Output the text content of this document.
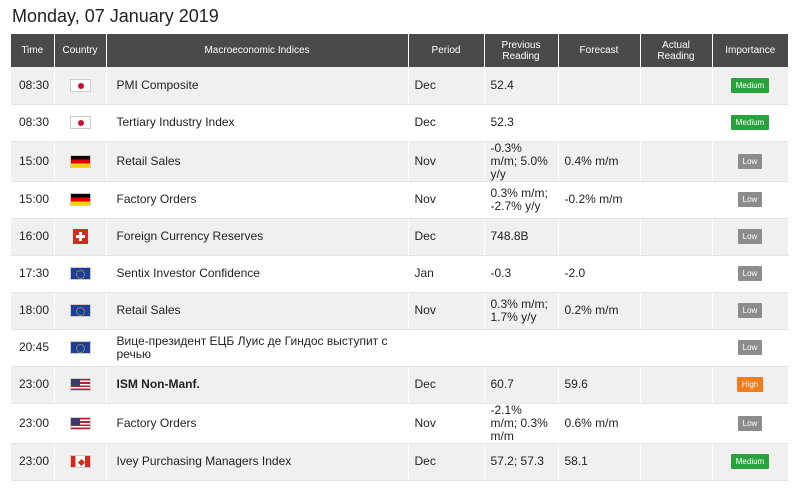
Monday, 07 January 2019
Time	Country	Macroeconomic Indices	Period	Previous Reading	Forecast	Actual Reading	Importance
08:30		PMI Composite	Dec	52.4			Medium
08:30		Tertiary Industry Index	Dec	52.3			Medium
15:00		Retail Sales	Nov	-0.3% m/m; 5.0% y/y	0.4% m/m		Low
15:00		Factory Orders	Nov	0.3% m/m; -2.7% y/y	-0.2% m/m		Low
16:00		Foreign Currency Reserves	Dec	748.8B			Low
17:30		Sentix Investor Confidence	Jan	-0.3	-2.0		Low
18:00		Retail Sales	Nov	0.3% m/m; 1.7% y/y	0.2% m/m		Low
20:45		Вице-президент ЕЦБ Луис де Гиндос выступит с речью					Low
23:00		ISM Non-Manf.	Dec	60.7	59.6		High
23:00		Factory Orders	Nov	-2.1% m/m; 0.3% m/m	0.6% m/m		Low
23:00		Ivey Purchasing Managers Index	Dec	57.2; 57.3	58.1		Medium
